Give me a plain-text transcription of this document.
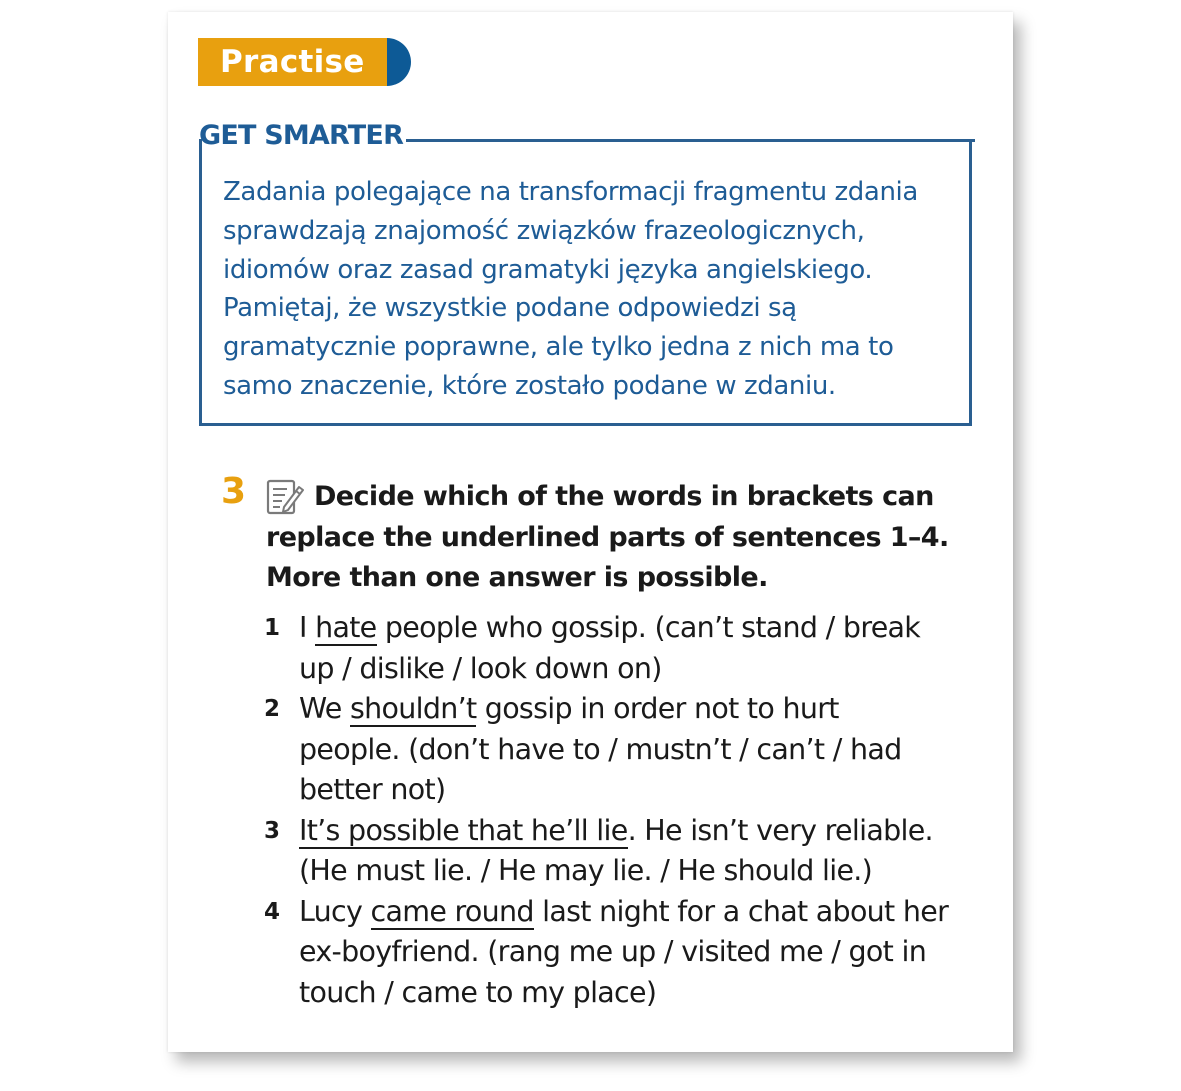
Practise
GET SMARTER

Zadania polegające na transformacji fragmentu zdania
sprawdzają znajomość związków frazeologicznych,
idiomów oraz zasad gramatyki języka angielskiego.
Pamiętaj, że wszystkie podane odpowiedzi są
gramatycznie poprawne, ale tylko jedna z nich ma to
samo znaczenie, które zostało podane w zdaniu.

3	Decide which of the words in brackets can
replace the underlined parts of sentences 1–4.
More than one answer is possible.
1 I hate people who gossip. (can’t stand / break
up / dislike / look down on)
2 We shouldn’t gossip in order not to hurt
people. (don’t have to / mustn’t / can’t / had
better not)
3 It’s possible that he’ll lie. He isn’t very reliable.
(He must lie. / He may lie. / He should lie.)
4 Lucy came round last night for a chat about her
ex-boyfriend. (rang me up / visited me / got in
touch / came to my place)
